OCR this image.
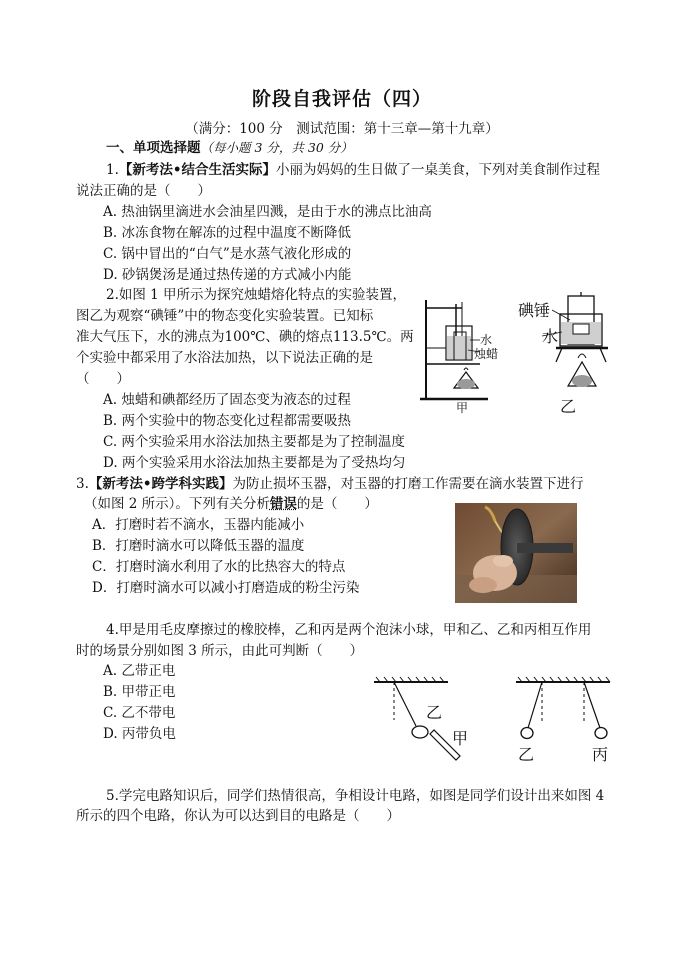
阶段自我评估（四）
（满分：100 分　测试范围：第十三章—第十九章）
一、单项选择题（每小题 3 分，共 30 分）
1.【新考法•结合生活实际】小丽为妈妈的生日做了一桌美食，下列对美食制作过程
说法正确的是（　　）
A. 热油锅里滴进水会油星四溅，是由于水的沸点比油高
B. 冰冻食物在解冻的过程中温度不断降低
C. 锅中冒出的“白气”是水蒸气液化形成的
D. 砂锅煲汤是通过热传递的方式减小内能
2.如图 1 甲所示为探究烛蜡熔化特点的实验装置，
图乙为观察“碘锤”中的物态变化实验装置。已知标
准大气压下，水的沸点为100℃、碘的熔点113.5℃。两
个实验中都采用了水浴法加热，以下说法正确的是
（　　）
A. 烛蜡和碘都经历了固态变为液态的过程
B. 两个实验中的物态变化过程都需要吸热
C. 两个实验采用水浴法加热主要都是为了控制温度
D. 两个实验采用水浴法加热主要都是为了受热均匀
水
烛蜡
甲
碘锤
水
乙
3.【新考法•跨学科实践】为防止损坏玉器，对玉器的打磨工作需要在滴水装置下进行
（如图 2 所示）。下列有关分析错误的是（　　）
A．打磨时若不滴水，玉器内能减小
B．打磨时滴水可以降低玉器的温度
C．打磨时滴水利用了水的比热容大的特点
D．打磨时滴水可以减小打磨造成的粉尘污染
4.甲是用毛皮摩擦过的橡胶棒，乙和丙是两个泡沫小球，甲和乙、乙和丙相互作用
时的场景分别如图 3 所示，由此可判断（　　）
A. 乙带正电
B. 甲带正电
C. 乙不带电
D. 丙带负电
乙
甲
乙	丙
5.学完电路知识后，同学们热情很高，争相设计电路，如图是同学们设计出来如图 4
所示的四个电路，你认为可以达到目的电路是（　　）
